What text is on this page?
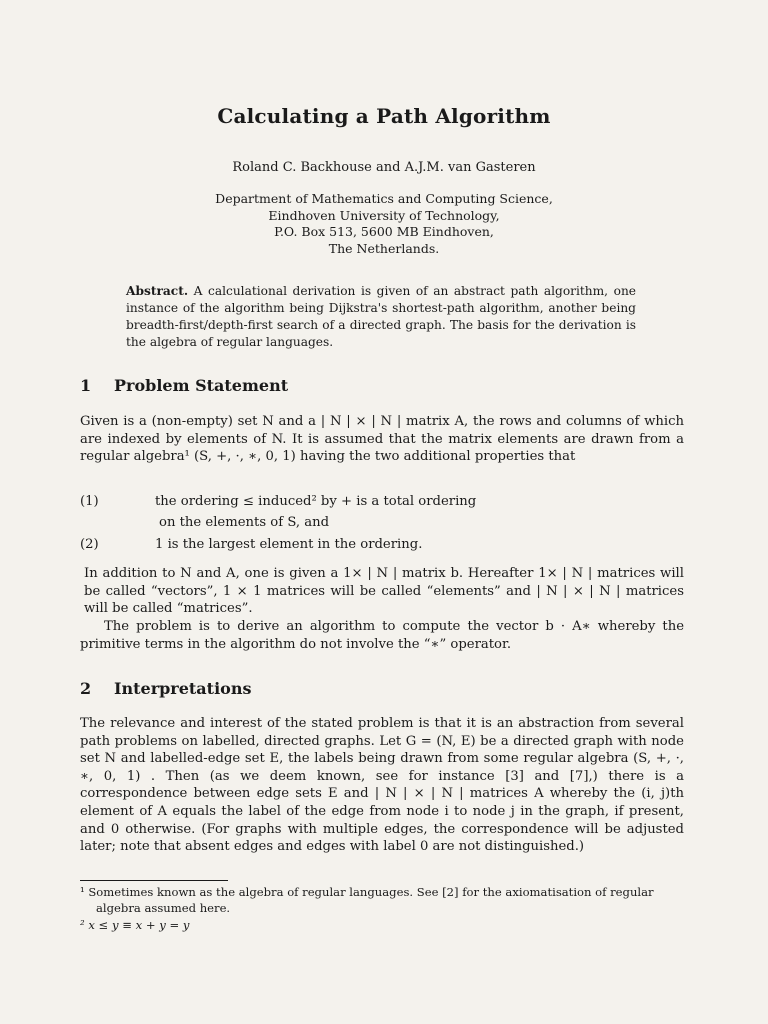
Calculating a Path Algorithm
Roland C. Backhouse and A.J.M. van Gasteren
Department of Mathematics and Computing Science,
Eindhoven University of Technology,
P.O. Box 513, 5600 MB Eindhoven,
The Netherlands.
Abstract. A calculational derivation is given of an abstract path algorithm, one instance of the algorithm being Dijkstra's shortest-path algorithm, another being breadth-first/depth-first search of a directed graph. The basis for the derivation is the algebra of regular languages.
1 Problem Statement
Given is a (non-empty) set N and a | N | × | N | matrix A, the rows and columns of which are indexed by elements of N. It is assumed that the matrix elements are drawn from a regular algebra¹ (S, +, ·, ∗, 0, 1) having the two additional properties that
(1)	the ordering ≤ induced² by + is a total ordering
on the elements of S, and
(2)	1 is the largest element in the ordering.
In addition to N and A, one is given a 1× | N | matrix b. Hereafter 1× | N | matrices will be called “vectors”, 1 × 1 matrices will be called “elements” and | N | × | N | matrices will be called “matrices”.
The problem is to derive an algorithm to compute the vector b · A∗ whereby the primitive terms in the algorithm do not involve the “∗” operator.
2 Interpretations
The relevance and interest of the stated problem is that it is an abstraction from several path problems on labelled, directed graphs. Let G = (N, E) be a directed graph with node set N and labelled-edge set E, the labels being drawn from some regular algebra (S, +, ·, ∗, 0, 1) . Then (as we deem known, see for instance [3] and [7],) there is a correspondence between edge sets E and | N | × | N | matrices A whereby the (i, j)th element of A equals the label of the edge from node i to node j in the graph, if present, and 0 otherwise. (For graphs with multiple edges, the correspondence will be adjusted later; note that absent edges and edges with label 0 are not distinguished.)
¹ Sometimes known as the algebra of regular languages. See [2] for the axiomatisation of regular algebra assumed here.
² x ≤ y ≡ x + y = y
